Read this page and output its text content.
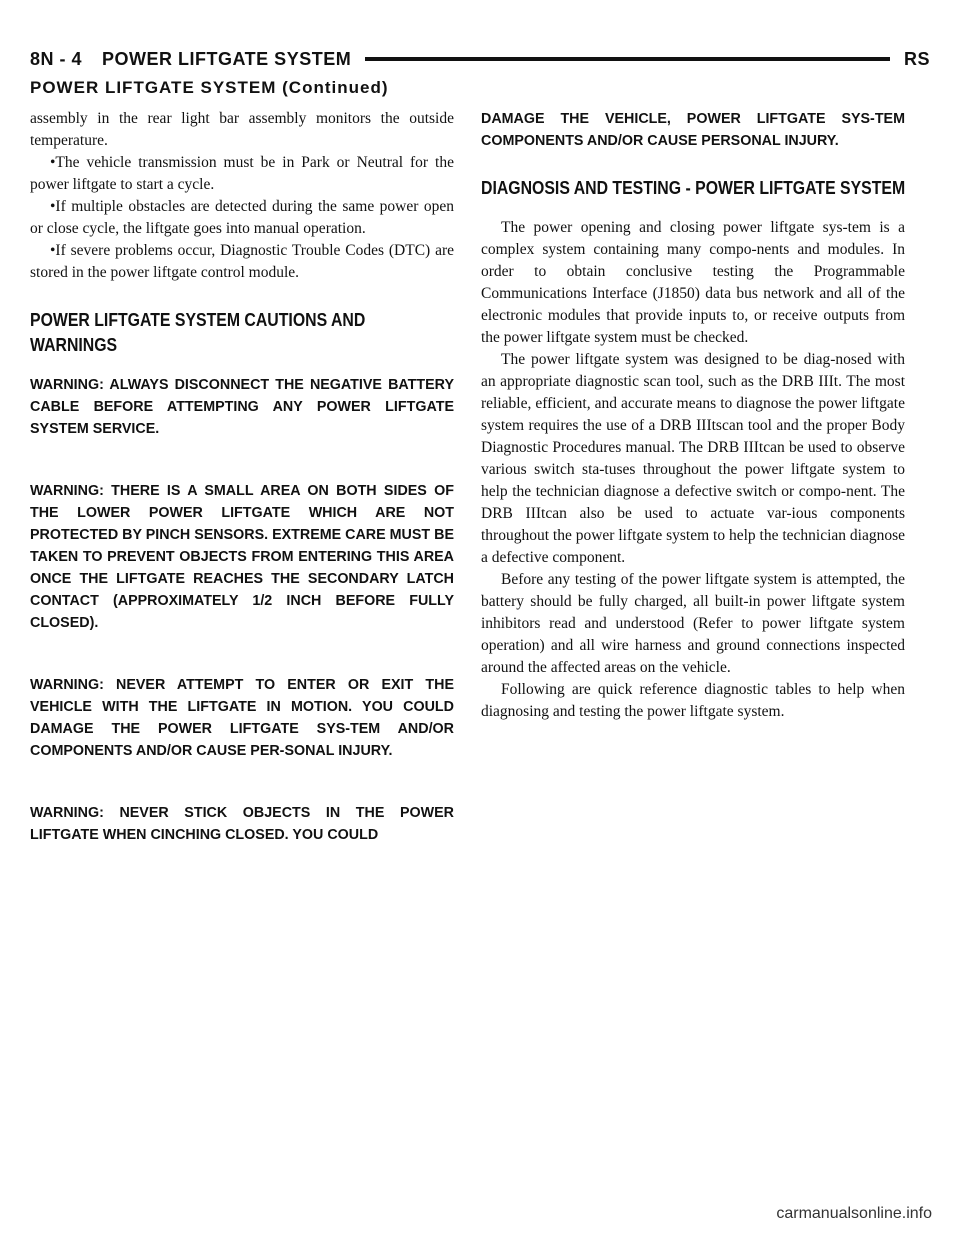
8N - 4 POWER LIFTGATE SYSTEM	RS
POWER LIFTGATE SYSTEM (Continued)

assembly in the rear light bar assembly monitors the outside temperature.

•The vehicle transmission must be in Park or Neutral for the power liftgate to start a cycle.

•If multiple obstacles are detected during the same power open or close cycle, the liftgate goes into manual operation.

•If severe problems occur, Diagnostic Trouble Codes (DTC) are stored in the power liftgate control module.

POWER LIFTGATE SYSTEM CAUTIONS AND WARNINGS
WARNING: ALWAYS DISCONNECT THE NEGATIVE BATTERY CABLE BEFORE ATTEMPTING ANY POWER LIFTGATE SYSTEM SERVICE.
WARNING: THERE IS A SMALL AREA ON BOTH SIDES OF THE LOWER POWER LIFTGATE WHICH ARE NOT PROTECTED BY PINCH SENSORS. EXTREME CARE MUST BE TAKEN TO PREVENT OBJECTS FROM ENTERING THIS AREA ONCE THE LIFTGATE REACHES THE SECONDARY LATCH CONTACT (APPROXIMATELY 1/2 INCH BEFORE FULLY CLOSED).
WARNING: NEVER ATTEMPT TO ENTER OR EXIT THE VEHICLE WITH THE LIFTGATE IN MOTION. YOU COULD DAMAGE THE POWER LIFTGATE SYS-TEM AND/OR COMPONENTS AND/OR CAUSE PER-SONAL INJURY.
WARNING: NEVER STICK OBJECTS IN THE POWER LIFTGATE WHEN CINCHING CLOSED. YOU COULD
DAMAGE THE VEHICLE, POWER LIFTGATE SYS-TEM COMPONENTS AND/OR CAUSE PERSONAL INJURY.
DIAGNOSIS AND TESTING - POWER LIFTGATE SYSTEM

The power opening and closing power liftgate sys-tem is a complex system containing many compo-nents and modules. In order to obtain conclusive testing the Programmable Communications Interface (J1850) data bus network and all of the electronic modules that provide inputs to, or receive outputs from the power liftgate system must be checked.

The power liftgate system was designed to be diag-nosed with an appropriate diagnostic scan tool, such as the DRB IIIt. The most reliable, efficient, and accurate means to diagnose the power liftgate system requires the use of a DRB IIItscan tool and the proper Body Diagnostic Procedures manual. The DRB IIItcan be used to observe various switch sta-tuses throughout the power liftgate system to help the technician diagnose a defective switch or compo-nent. The DRB IIItcan also be used to actuate var-ious components throughout the power liftgate system to help the technician diagnose a defective component.

Before any testing of the power liftgate system is attempted, the battery should be fully charged, all built-in power liftgate system inhibitors read and understood (Refer to power liftgate system operation) and all wire harness and ground connections inspected around the affected areas on the vehicle.

Following are quick reference diagnostic tables to help when diagnosing and testing the power liftgate system.

carmanualsonline.info
